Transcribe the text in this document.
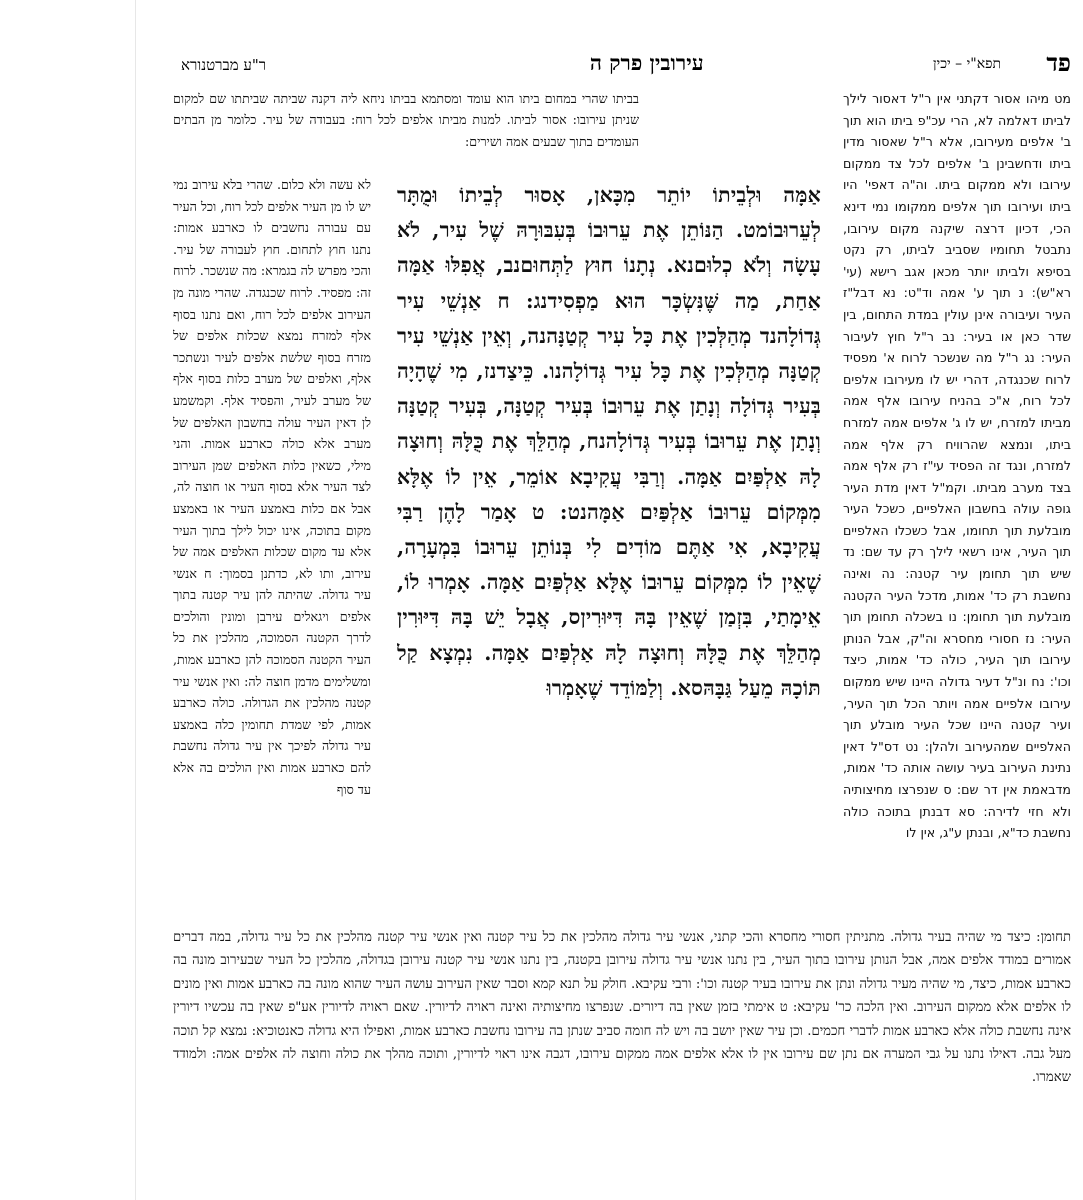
פד
תפא"י – יכין
עירובין פרק ה
ר"ע מברטנורא

מט מיהו אסור דקתני אין ר"ל דאסור לילך לביתו דאלמה לא, הרי עכ"פ ביתו הוא תוך ב' אלפים מעירובו, אלא ר"ל שאסור מדין ביתו ודחשבינן ב' אלפים לכל צד ממקום עירובו ולא ממקום ביתו. וה"ה דאפי' היו ביתו ועירובו תוך אלפים ממקומו נמי דינא הכי, דכיון דרצה שיקנה מקום עירובו, נתבטל תחומיו שסביב לביתו, רק נקט בסיפא ולביתו יותר מכאן אגב רישא (עי' רא"ש): נ תוך ע' אמה וד"ט: נא דבל"ז העיר ועיבורה אינן עולין במדת התחום, בין שדר כאן או בעיר: נב ר"ל חוץ לעיבור העיר: נג ר"ל מה שנשכר לרוח א' מפסיד לרוח שכנגדה, דהרי יש לו מעירובו אלפים לכל רוח, א"כ בהניח עירובו אלף אמה מביתו למזרח, יש לו ג' אלפים אמה למזרח ביתו, ונמצא שהרוויח רק אלף אמה למזרח, ונגד זה הפסיד עי"ז רק אלף אמה בצד מערב מביתו. וקמ"ל דאין מדת העיר גופה עולה בחשבון האלפיים, כשכל העיר מובלעת תוך תחומו, אבל כשכלו האלפיים תוך העיר, אינו רשאי לילך רק עד שם: נד שיש תוך תחומן עיר קטנה: נה ואינה נחשבת רק כד' אמות, מדכל העיר הקטנה מובלעת תוך תחומן: נו בשכלה תחומן תוך העיר: נז חסורי מחסרא וה"ק, אבל הנותן עירובו תוך העיר, כולה כד' אמות, כיצד וכו': נח ונ"ל דעיר גדולה היינו שיש ממקום עירובו אלפיים אמה ויותר הכל תוך העיר, ועיר קטנה היינו שכל העיר מובלע תוך האלפיים שמהעירוב ולהלן: נט דס"ל דאין נתינת העירוב בעיר עושה אותה כד' אמות, מדבאמת אין דר שם: ס שנפרצו מחיצותיה ולא חזי לדירה: סא דבנתן בתוכה כולה נחשבת כד"א, ובנתן ע"ג, אין לו

בביתו שהרי במחום ביתו הוא עומד ומסתמא בביתו ניחא ליה דקנה שביתה שביתתו שם למקום שניתן עירובו: אסור לביתו. למנות מביתו אלפים לכל רוח: בעבודה של עיר. כלומר מן הבתים העומדים בתוך שבעים אמה ושירים:

אַמָּה וּלְבֵיתוֹ יוֹתֵר מִכָּאן, אָסוּר לְבֵיתוֹ וּמֻתָּר לְעֵרוּבוֹמט. הַנּוֹתֵן אֶת עֵרוּבוֹ בְּעִבּוּרָהּ שֶׁל עִיר, לֹא עָשָׂה וְלֹא כְלוּםנא. נְתָנוֹ חוּץ לַתְּחוּםנב, אֲפִלּוּ אַמָּה אַחַת, מַה שֶּׁנִּשְׂכָּר הוּא מַפְסִידנג: ח אַנְשֵׁי עִיר גְּדוֹלָהנד מְהַלְּכִין אֶת כָּל עִיר קְטַנָּהנה, וְאֵין אַנְשֵׁי עִיר קְטַנָּה מְהַלְּכִין אֶת כָּל עִיר גְּדוֹלָהנו. כֵּיצַדנז, מִי שֶׁהָיָה בְּעִיר גְּדוֹלָה וְנָתַן אֶת עֵרוּבוֹ בְּעִיר קְטַנָּה, בְּעִיר קְטַנָּה וְנָתַן אֶת עֵרוּבוֹ בְּעִיר גְּדוֹלָהנח, מְהַלֵּךְ אֶת כֻּלָּהּ וְחוּצָה לָהּ אַלְפַּיִם אַמָּה. וְרַבִּי עֲקִיבָא אוֹמֵר, אֵין לוֹ אֶלָּא מִמְּקוֹם עֵרוּבוֹ אַלְפַּיִם אַמָּהנט: ט אָמַר לָהֶן רַבִּי עֲקִיבָא, אִי אַתֶּם מוֹדִים לִי בְּנוֹתֵן עֵרוּבוֹ בִּמְעָרָה, שֶׁאֵין לוֹ מִמְּקוֹם עֵרוּבוֹ אֶלָּא אַלְפַּיִם אַמָּה. אָמְרוּ לוֹ, אֵימָתַי, בִּזְמַן שֶׁאֵין בָּהּ דִּיּוּרִיןס, אֲבָל יֵשׁ בָּהּ דִּיּוּרִין מְהַלֵּךְ אֶת כֻּלָּהּ וְחוּצָה לָהּ אַלְפַּיִם אַמָּה. נִמְצָא קַל תּוֹכָהּ מֵעַל גַּבָּהּסא. וְלַמּוֹדֵד שֶׁאָמְרוּ

לא עשה ולא כלום. שהרי בלא עירוב נמי יש לו מן העיר אלפים לכל רוח, וכל העיר עם עבורה נחשבים לו כארבע אמות: נתנו חוץ לתחום. חוץ לעבורה של עיר. והכי מפרש לה בגמרא: מה שנשכר. לרוח זה: מפסיד. לרוח שכנגדה. שהרי מונה מן העירוב אלפים לכל רוח, ואם נתנו בסוף אלף למזרח נמצא שכלות אלפים של מזרח בסוף שלשת אלפים לעיר ונשתכר אלף, ואלפים של מערב כלות בסוף אלף של מערב לעיר, והפסיד אלף. וקמשמע לן דאין העיר עולה בחשבון האלפים של מערב אלא כולה כארבע אמות. והני מילי, כשאין כלות האלפים שמן העירוב לצד העיר אלא בסוף העיר או חוצה לה, אבל אם כלות באמצע העיר או באמצע מקום בתוכה, אינו יכול לילך בתוך העיר אלא עד מקום שכלות האלפים אמה של עירוב, ותו לא, כדתנן בסמוך: ח אנשי עיר גדולה. שהיתה להן עיר קטנה בתוך אלפים ויגאלים עירבן ומונין והולכים לדרך הקטנה הסמוכה, מהלכין את כל העיר הקטנה הסמוכה להן כארבע אמות, ומשלימים מדמן חוצה לה: ואין אנשי עיר קטנה מהלכין את הגדולה. כולה כארבע אמות, לפי שמדת תחומין כלה באמצע עיר גדולה לפיכך אין עיר גדולה נחשבת להם כארבע אמות ואין הולכים בה אלא עד סוף

תחומן: כיצד מי שהיה בעיר גדולה. מתניתין חסורי מחסרא והכי קתני, אנשי עיר גדולה מהלכין את כל עיר קטנה ואין אנשי עיר קטנה מהלכין את כל עיר גדולה, במה דברים אמורים במודד אלפים אמה, אבל הנותן עירובו בתוך העיר, בין נתנו אנשי עיר גדולה עירובן בקטנה, בין נתנו אנשי עיר קטנה עירובן בגדולה, מהלכין כל העיר שבעירוב מונה בה כארבע אמות, כיצד, מי שהיה מעיר גדולה ונתן את עירובו בעיר קטנה וכו': ורבי עקיבא. חולק על תנא קמא וסבר שאין העירוב עושה העיר שהוא מונה בה כארבע אמות ואין מונים לו אלפים אלא ממקום העירוב. ואין הלכה כר' עקיבא: ט אימתי בזמן שאין בה דיורים. שנפרצו מחיצותיה ואינה ראויה לדיורין. שאם ראויה לדיורין אע"פ שאין בה עכשיו דיורין אינה נחשבת כולה אלא כארבע אמות לדברי חכמים. וכן עיר שאין יושב בה ויש לה חומה סביב שנתן בה עירובו נחשבת כארבע אמות, ואפילו היא גדולה כאנטוכיא: נמצא קל תוכה מעל גבה. דאילו נתנו על גבי המערה אם נתן שם עירובו אין לו אלא אלפים אמה ממקום עירובו, דגבה אינו ראוי לדיורין, ותוכה מהלך את כולה וחוצה לה אלפים אמה: ולמודד שאמרו.
